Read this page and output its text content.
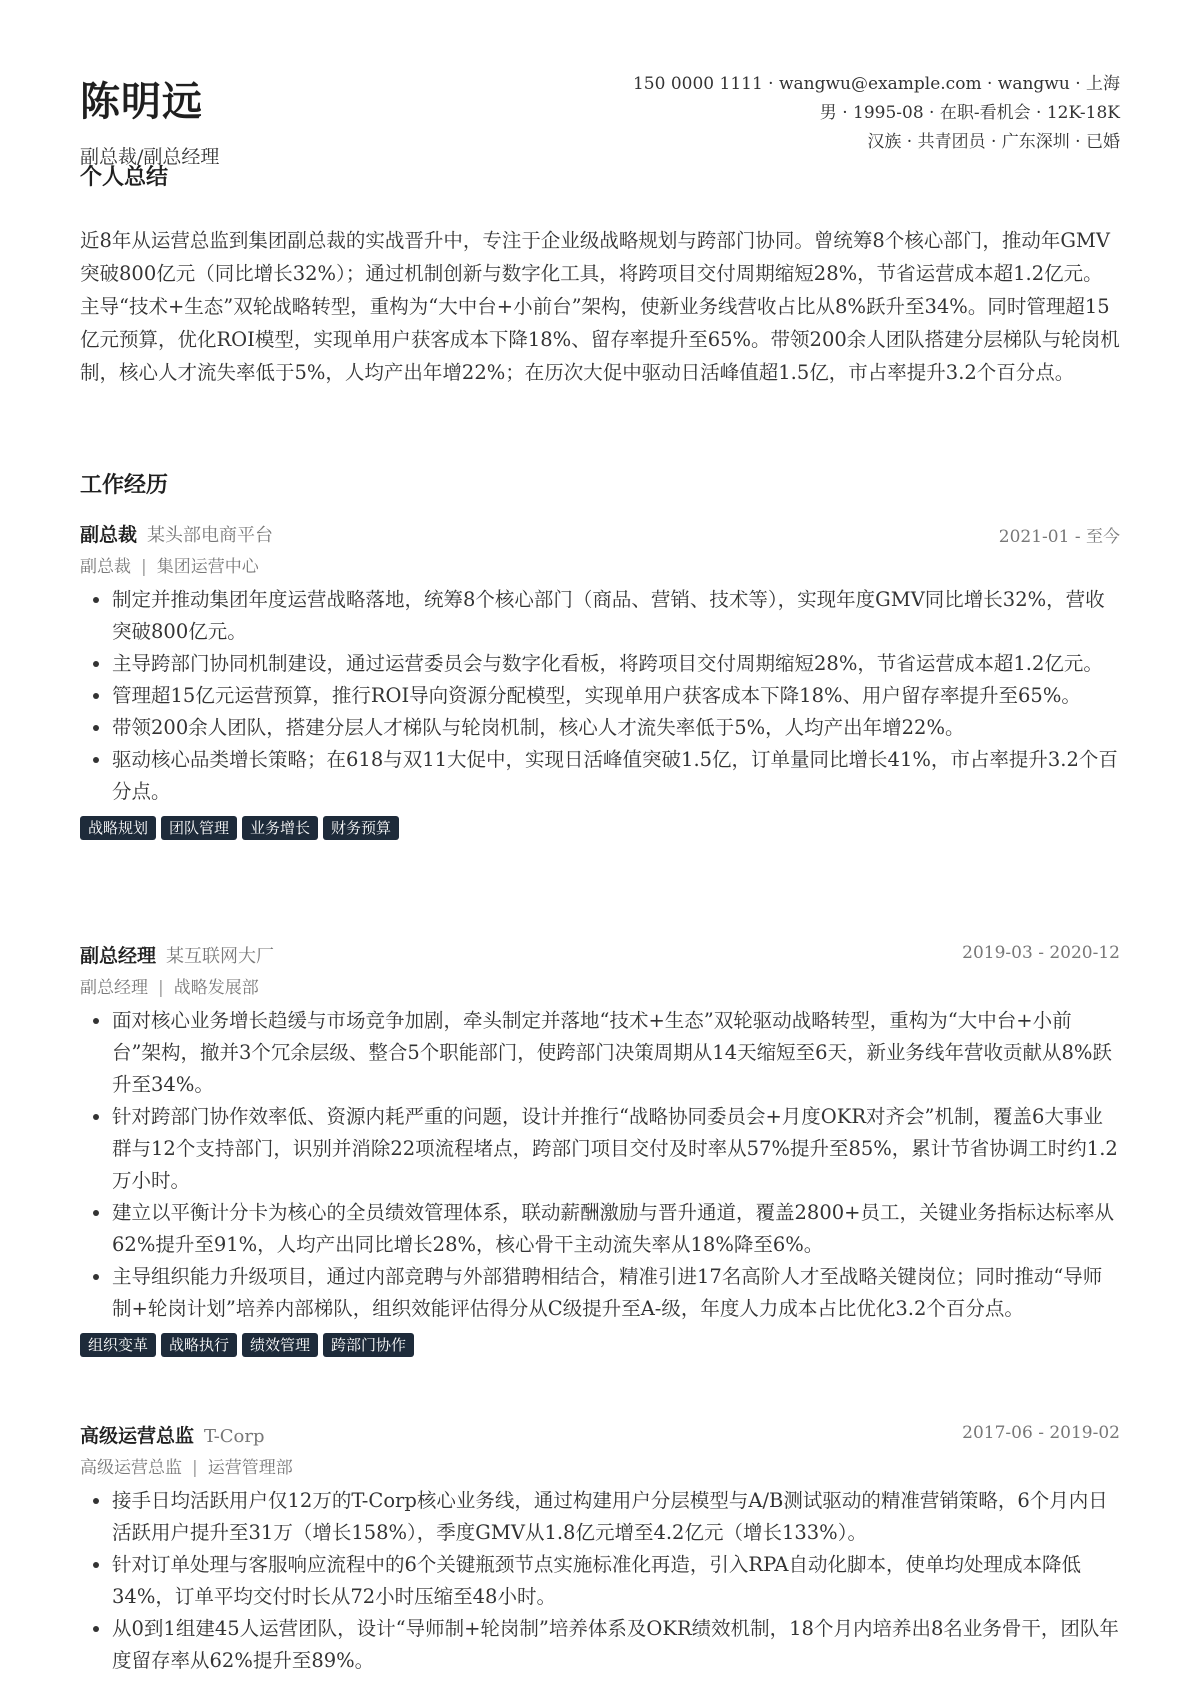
陈明远
副总裁/副总经理
150 0000 1111 · wangwu@example.com · wangwu · 上海
男 · 1995-08 · 在职-看机会 · 12K-18K
汉族 · 共青团员 · 广东深圳 · 已婚
个人总结

近8年从运营总监到集团副总裁的实战晋升中，专注于企业级战略规划与跨部门协同。曾统筹8个核心部门，推动年GMV突破800亿元（同比增长32%）；通过机制创新与数字化工具，将跨项目交付周期缩短28%，节省运营成本超1.2亿元。主导“技术+生态”双轮战略转型，重构为“大中台+小前台”架构，使新业务线营收占比从8%跃升至34%。同时管理超15亿元预算，优化ROI模型，实现单用户获客成本下降18%、留存率提升至65%。带领200余人团队搭建分层梯队与轮岗机制，核心人才流失率低于5%，人均产出年增22%；在历次大促中驱动日活峰值超1.5亿，市占率提升3.2个百分点。

工作经历
副总裁 某头部电商平台	2021-01 - 至今
副总裁 | 集团运营中心
• 制定并推动集团年度运营战略落地，统筹8个核心部门（商品、营销、技术等），实现年度GMV同比增长32%，营收突破800亿元。
• 主导跨部门协同机制建设，通过运营委员会与数字化看板，将跨项目交付周期缩短28%，节省运营成本超1.2亿元。
• 管理超15亿元运营预算，推行ROI导向资源分配模型，实现单用户获客成本下降18%、用户留存率提升至65%。
• 带领200余人团队，搭建分层人才梯队与轮岗机制，核心人才流失率低于5%，人均产出年增22%。
• 驱动核心品类增长策略；在618与双11大促中，实现日活峰值突破1.5亿，订单量同比增长41%，市占率提升3.2个百分点。
战略规划	团队管理	业务增长	财务预算
副总经理 某互联网大厂	2019-03 - 2020-12
副总经理 | 战略发展部
• 面对核心业务增长趋缓与市场竞争加剧，牵头制定并落地“技术+生态”双轮驱动战略转型，重构为“大中台+小前台”架构，撤并3个冗余层级、整合5个职能部门，使跨部门决策周期从14天缩短至6天，新业务线年营收贡献从8%跃升至34%。
• 针对跨部门协作效率低、资源内耗严重的问题，设计并推行“战略协同委员会+月度OKR对齐会”机制，覆盖6大事业群与12个支持部门，识别并消除22项流程堵点，跨部门项目交付及时率从57%提升至85%，累计节省协调工时约1.2万小时。
• 建立以平衡计分卡为核心的全员绩效管理体系，联动薪酬激励与晋升通道，覆盖2800+员工，关键业务指标达标率从62%提升至91%，人均产出同比增长28%，核心骨干主动流失率从18%降至6%。
• 主导组织能力升级项目，通过内部竞聘与外部猎聘相结合，精准引进17名高阶人才至战略关键岗位；同时推动“导师制+轮岗计划”培养内部梯队，组织效能评估得分从C级提升至A-级，年度人力成本占比优化3.2个百分点。
组织变革	战略执行	绩效管理	跨部门协作
高级运营总监 T-Corp	2017-06 - 2019-02
高级运营总监 | 运营管理部
• 接手日均活跃用户仅12万的T-Corp核心业务线，通过构建用户分层模型与A/B测试驱动的精准营销策略，6个月内日活跃用户提升至31万（增长158%），季度GMV从1.8亿元增至4.2亿元（增长133%）。
• 针对订单处理与客服响应流程中的6个关键瓶颈节点实施标准化再造，引入RPA自动化脚本，使单均处理成本降低34%，订单平均交付时长从72小时压缩至48小时。
• 从0到1组建45人运营团队，设计“导师制+轮岗制”培养体系及OKR绩效机制，18个月内培养出8名业务骨干，团队年度留存率从62%提升至89%。
